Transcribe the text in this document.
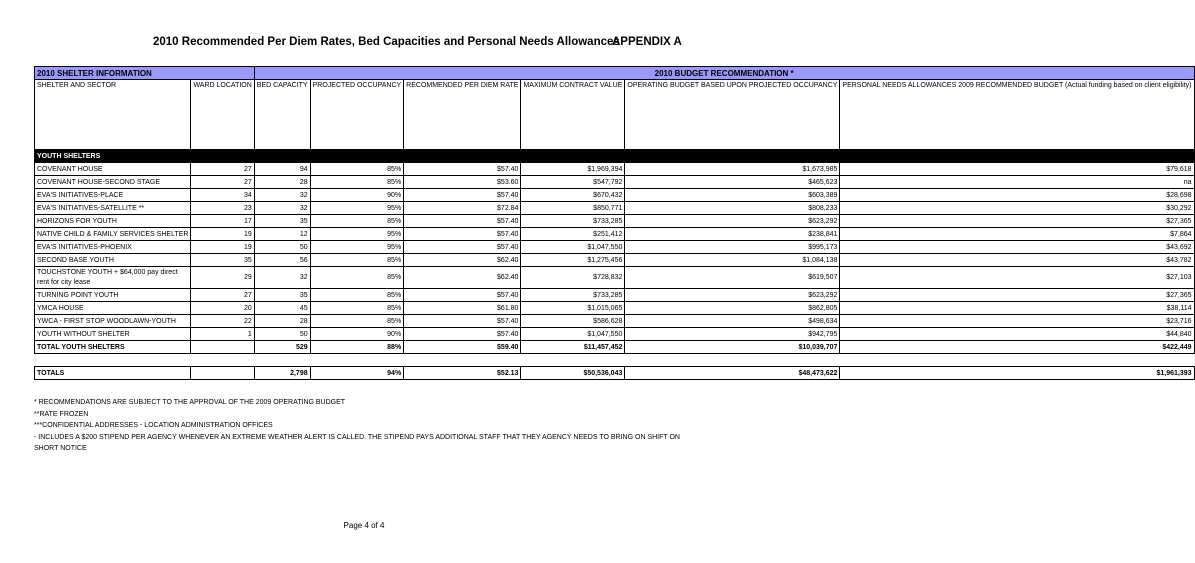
2010 Recommended Per Diem Rates, Bed Capacities and Personal Needs Allowances
APPENDIX A
2010 SHELTER INFORMATION		2010 BUDGET RECOMMENDATION *					
SHELTER AND SECTOR	WARD LOCATION	BED CAPACITY	PROJECTED OCCUPANCY	RECOMMENDED PER DIEM RATE	MAXIMUM CONTRACT VALUE	OPERATING BUDGET BASED UPON PROJECTED OCCUPANCY	PERSONAL NEEDS ALLOWANCES 2009 RECOMMENDED BUDGET (Actual funding based on client eligibility)
YOUTH SHELTERS							
COVENANT HOUSE	27	94	85%	$57.40	$1,969,394	$1,673,985	$79,618
COVENANT HOUSE-SECOND STAGE	27	28	85%	$53.60	$547,792	$465,623	na
EVA'S INITIATIVES-PLACE	34	32	90%	$57.40	$670,432	$603,389	$28,698
EVA'S INITIATIVES-SATELLITE **	23	32	95%	$72.84	$850,771	$808,233	$30,292
HORIZONS FOR YOUTH	17	35	85%	$57.40	$733,285	$623,292	$27,365
NATIVE CHILD & FAMILY SERVICES SHELTER	19	12	95%	$57.40	$251,412	$238,841	$7,864
EVA'S INITIATIVES-PHOENIX	19	50	95%	$57.40	$1,047,550	$995,173	$43,692
SECOND BASE YOUTH	35	56	85%	$62.40	$1,275,456	$1,084,138	$43,782
TOUCHSTONE YOUTH + $64,000 pay direct rent for city lease	29	32	85%	$62.40	$728,832	$619,507	$27,103
TURNING POINT YOUTH	27	35	85%	$57.40	$733,285	$623,292	$27,365
YMCA HOUSE	20	45	85%	$61.80	$1,015,065	$862,805	$38,114
YWCA - FIRST STOP WOODLAWN-YOUTH	22	28	85%	$57.40	$586,628	$498,634	$23,716
YOUTH WITHOUT SHELTER	1	50	90%	$57.40	$1,047,550	$942,795	$44,840
TOTAL YOUTH SHELTERS		529	88%	$59.40	$11,457,452	$10,039,707	$422,449

TOTALS		2,798	94%	$52.13	$50,536,043	$48,473,622	$1,961,393
* RECOMMENDATIONS ARE SUBJECT TO THE APPROVAL OF THE 2009 OPERATING BUDGET
**RATE FROZEN
***CONFIDENTIAL ADDRESSES - LOCATION ADMINISTRATION OFFICES
- INCLUDES A $200 STIPEND PER AGENCY WHENEVER AN EXTREME WEATHER ALERT IS CALLED. THE STIPEND PAYS ADDITIONAL STAFF THAT THEY AGENCY NEEDS TO BRING ON SHIFT ON SHORT NOTICE
Page 4 of 4
